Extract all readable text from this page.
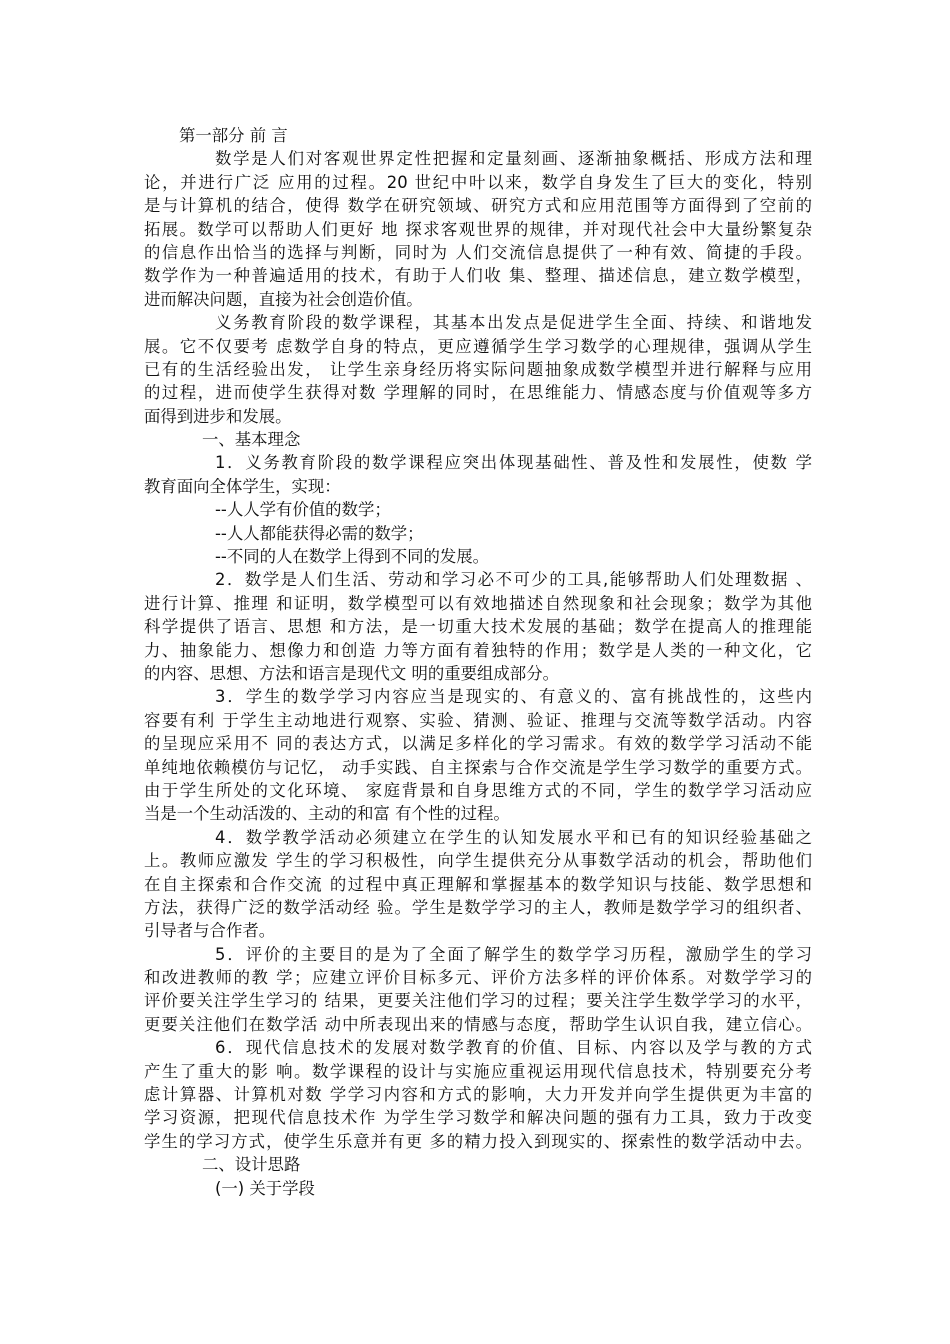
第一部分 前 言
数学是人们对客观世界定性把握和定量刻画、逐渐抽象概括、形成方法和理
论，并进行广泛 应用的过程。20 世纪中叶以来，数学自身发生了巨大的变化，特别
是与计算机的结合，使得 数学在研究领域、研究方式和应用范围等方面得到了空前的
拓展。数学可以帮助人们更好 地 探求客观世界的规律，并对现代社会中大量纷繁复杂
的信息作出恰当的选择与判断，同时为 人们交流信息提供了一种有效、简捷的手段。
数学作为一种普遍适用的技术，有助于人们收 集、整理、描述信息，建立数学模型，
进而解决问题，直接为社会创造价值。
义务教育阶段的数学课程，其基本出发点是促进学生全面、持续、和谐地发
展。它不仅要考 虑数学自身的特点，更应遵循学生学习数学的心理规律，强调从学生
已有的生活经验出发， 让学生亲身经历将实际问题抽象成数学模型并进行解释与应用
的过程，进而使学生获得对数 学理解的同时，在思维能力、情感态度与价值观等多方
面得到进步和发展。
一、基本理念
1．义务教育阶段的数学课程应突出体现基础性、普及性和发展性，使数 学
教育面向全体学生，实现：
--人人学有价值的数学；
--人人都能获得必需的数学；
--不同的人在数学上得到不同的发展。
2．数学是人们生活、劳动和学习必不可少的工具,能够帮助人们处理数据 、
进行计算、推理 和证明，数学模型可以有效地描述自然现象和社会现象；数学为其他
科学提供了语言、思想 和方法，是一切重大技术发展的基础；数学在提高人的推理能
力、抽象能力、想像力和创造 力等方面有着独特的作用；数学是人类的一种文化，它
的内容、思想、方法和语言是现代文 明的重要组成部分。
3．学生的数学学习内容应当是现实的、有意义的、富有挑战性的，这些内
容要有利 于学生主动地进行观察、实验、猜测、验证、推理与交流等数学活动。内容
的呈现应采用不 同的表达方式，以满足多样化的学习需求。有效的数学学习活动不能
单纯地依赖模仿与记忆， 动手实践、自主探索与合作交流是学生学习数学的重要方式。
由于学生所处的文化环境、 家庭背景和自身思维方式的不同，学生的数学学习活动应
当是一个生动活泼的、主动的和富 有个性的过程。
4．数学教学活动必须建立在学生的认知发展水平和已有的知识经验基础之
上。教师应激发 学生的学习积极性，向学生提供充分从事数学活动的机会，帮助他们
在自主探索和合作交流 的过程中真正理解和掌握基本的数学知识与技能、数学思想和
方法，获得广泛的数学活动经 验。学生是数学学习的主人，教师是数学学习的组织者、
引导者与合作者。
5．评价的主要目的是为了全面了解学生的数学学习历程，激励学生的学习
和改进教师的教 学；应建立评价目标多元、评价方法多样的评价体系。对数学学习的
评价要关注学生学习的 结果，更要关注他们学习的过程；要关注学生数学学习的水平，
更要关注他们在数学活 动中所表现出来的情感与态度，帮助学生认识自我，建立信心。
6．现代信息技术的发展对数学教育的价值、目标、内容以及学与教的方式
产生了重大的影 响。数学课程的设计与实施应重视运用现代信息技术，特别要充分考
虑计算器、计算机对数 学学习内容和方式的影响，大力开发并向学生提供更为丰富的
学习资源，把现代信息技术作 为学生学习数学和解决问题的强有力工具，致力于改变
学生的学习方式，使学生乐意并有更 多的精力投入到现实的、探索性的数学活动中去。
二、设计思路
(一) 关于学段
